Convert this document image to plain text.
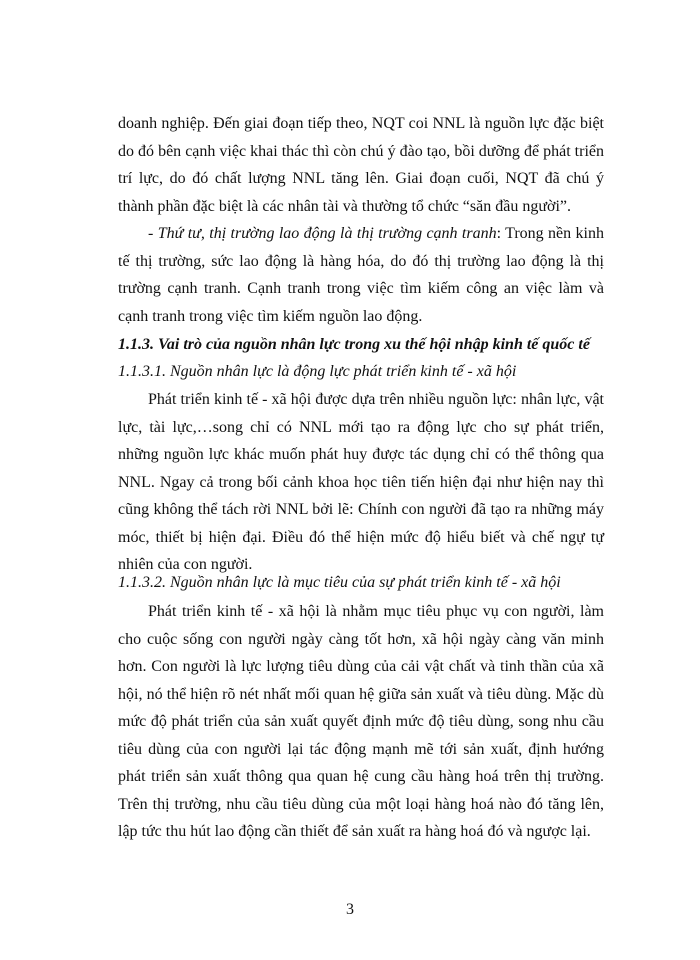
doanh nghiệp. Đến giai đoạn tiếp theo, NQT coi NNL là nguồn lực đặc biệt do đó bên cạnh việc khai thác thì còn chú ý đào tạo, bồi dưỡng để phát triển trí lực, do đó chất lượng NNL tăng lên. Giai đoạn cuối, NQT đã chú ý thành phần đặc biệt là các nhân tài và thường tổ chức “săn đầu người”.

- Thứ tư, thị trường lao động là thị trường cạnh tranh: Trong nền kinh tế thị trường, sức lao động là hàng hóa, do đó thị trường lao động là thị trường cạnh tranh. Cạnh tranh trong việc tìm kiếm công an việc làm và cạnh tranh trong việc tìm kiếm nguồn lao động.

1.1.3. Vai trò của nguồn nhân lực trong xu thế hội nhập kinh tế quốc tế

1.1.3.1. Nguồn nhân lực là động lực phát triển kinh tế - xã hội

Phát triển kinh tế - xã hội được dựa trên nhiều nguồn lực: nhân lực, vật lực, tài lực,…song chỉ có NNL mới tạo ra động lực cho sự phát triển, những nguồn lực khác muốn phát huy được tác dụng chỉ có thể thông qua NNL. Ngay cả trong bối cảnh khoa học tiên tiến hiện đại như hiện nay thì cũng không thể tách rời NNL bởi lẽ: Chính con người đã tạo ra những máy móc, thiết bị hiện đại. Điều đó thể hiện mức độ hiểu biết và chế ngự tự nhiên của con người.

1.1.3.2. Nguồn nhân lực là mục tiêu của sự phát triển kinh tế - xã hội

Phát triển kinh tế - xã hội là nhằm mục tiêu phục vụ con người, làm cho cuộc sống con người ngày càng tốt hơn, xã hội ngày càng văn minh hơn. Con người là lực lượng tiêu dùng của cải vật chất và tinh thần của xã hội, nó thể hiện rõ nét nhất mối quan hệ giữa sản xuất và tiêu dùng. Mặc dù mức độ phát triển của sản xuất quyết định mức độ tiêu dùng, song nhu cầu tiêu dùng của con người lại tác động mạnh mẽ tới sản xuất, định hướng phát triển sản xuất thông qua quan hệ cung cầu hàng hoá trên thị trường. Trên thị trường, nhu cầu tiêu dùng của một loại hàng hoá nào đó tăng lên, lập tức thu hút lao động cần thiết để sản xuất ra hàng hoá đó và ngược lại.

3
